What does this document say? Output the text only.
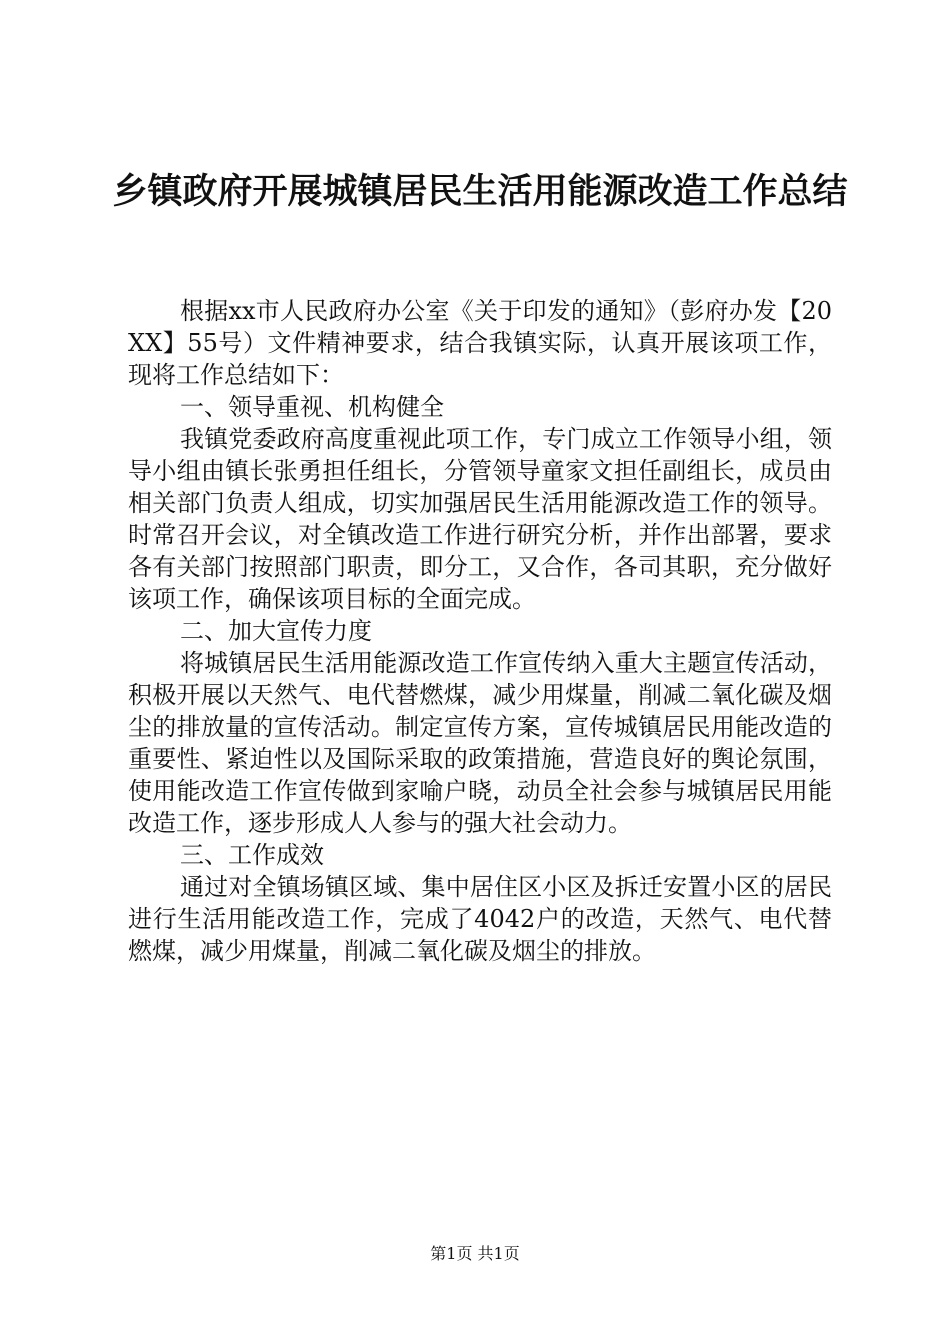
乡镇政府开展城镇居民生活用能源改造工作总结

根据xx市人民政府办公室《关于印发的通知》（彭府办发【20XX】55号）文件精神要求，结合我镇实际，认真开展该项工作，现将工作总结如下：

一、领导重视、机构健全

我镇党委政府高度重视此项工作，专门成立工作领导小组，领导小组由镇长张勇担任组长，分管领导童家文担任副组长，成员由相关部门负责人组成，切实加强居民生活用能源改造工作的领导。时常召开会议，对全镇改造工作进行研究分析，并作出部署，要求各有关部门按照部门职责，即分工，又合作，各司其职，充分做好该项工作，确保该项目标的全面完成。

二、加大宣传力度

将城镇居民生活用能源改造工作宣传纳入重大主题宣传活动，积极开展以天然气、电代替燃煤，减少用煤量，削减二氧化碳及烟尘的排放量的宣传活动。制定宣传方案，宣传城镇居民用能改造的重要性、紧迫性以及国际采取的政策措施，营造良好的舆论氛围，使用能改造工作宣传做到家喻户晓，动员全社会参与城镇居民用能改造工作，逐步形成人人参与的强大社会动力。

三、工作成效

通过对全镇场镇区域、集中居住区小区及拆迁安置小区的居民进行生活用能改造工作，完成了4042户的改造，天然气、电代替燃煤，减少用煤量，削减二氧化碳及烟尘的排放。

第1页 共1页
